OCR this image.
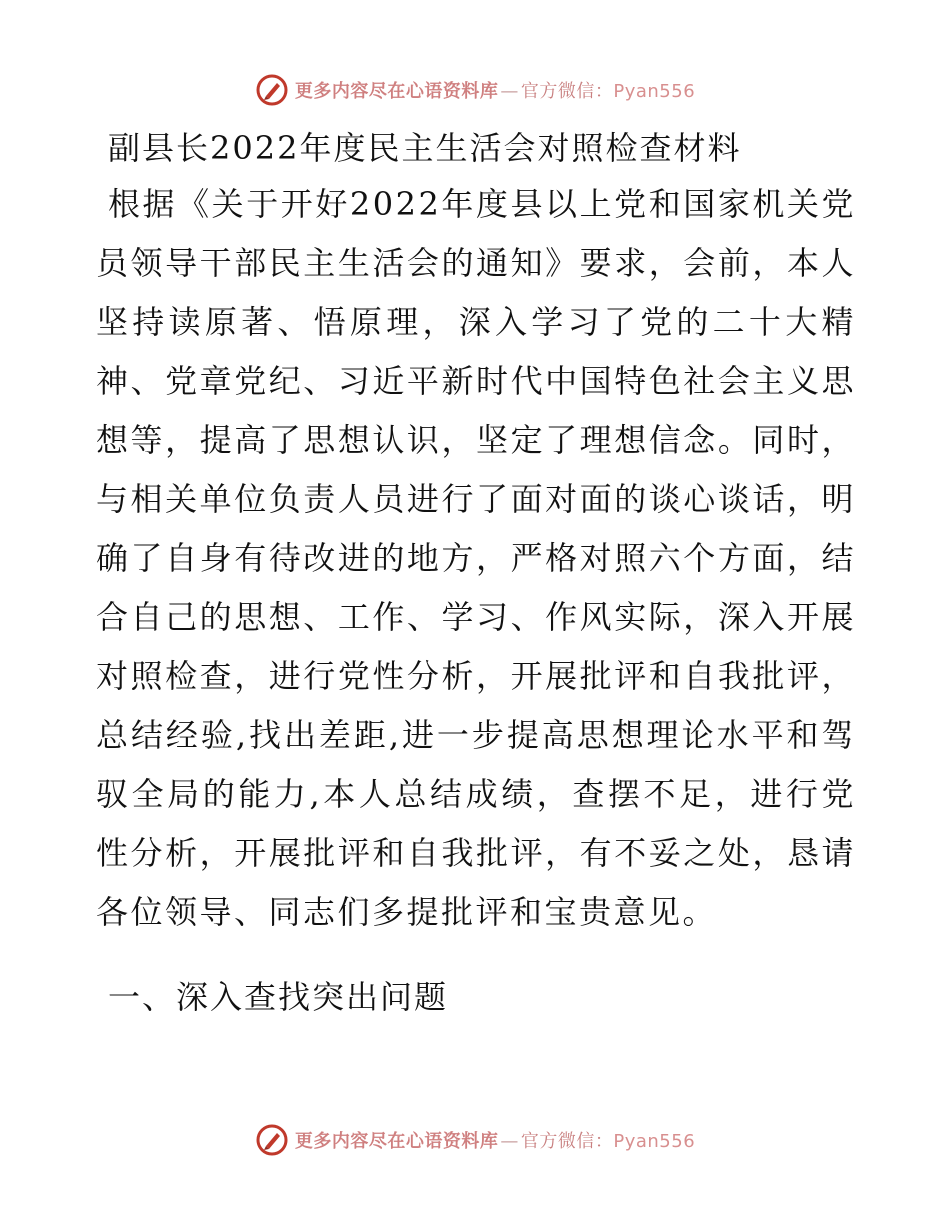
更多内容尽在心语资料库 — 官方微信：Pyan556
副县长2022年度民主生活会对照检查材料
根据《关于开好2022年度县以上党和国家机关党员领导干部民主生活会的通知》要求，会前，本人坚持读原著、悟原理，深入学习了党的二十大精神、党章党纪、习近平新时代中国特色社会主义思想等，提高了思想认识，坚定了理想信念。同时，与相关单位负责人员进行了面对面的谈心谈话，明确了自身有待改进的地方，严格对照六个方面，结合自己的思想、工作、学习、作风实际，深入开展对照检查，进行党性分析，开展批评和自我批评，总结经验,找出差距,进一步提高思想理论水平和驾驭全局的能力,本人总结成绩，查摆不足，进行党性分析，开展批评和自我批评，有不妥之处，恳请各位领导、同志们多提批评和宝贵意见。
一、深入查找突出问题
更多内容尽在心语资料库 — 官方微信：Pyan556
